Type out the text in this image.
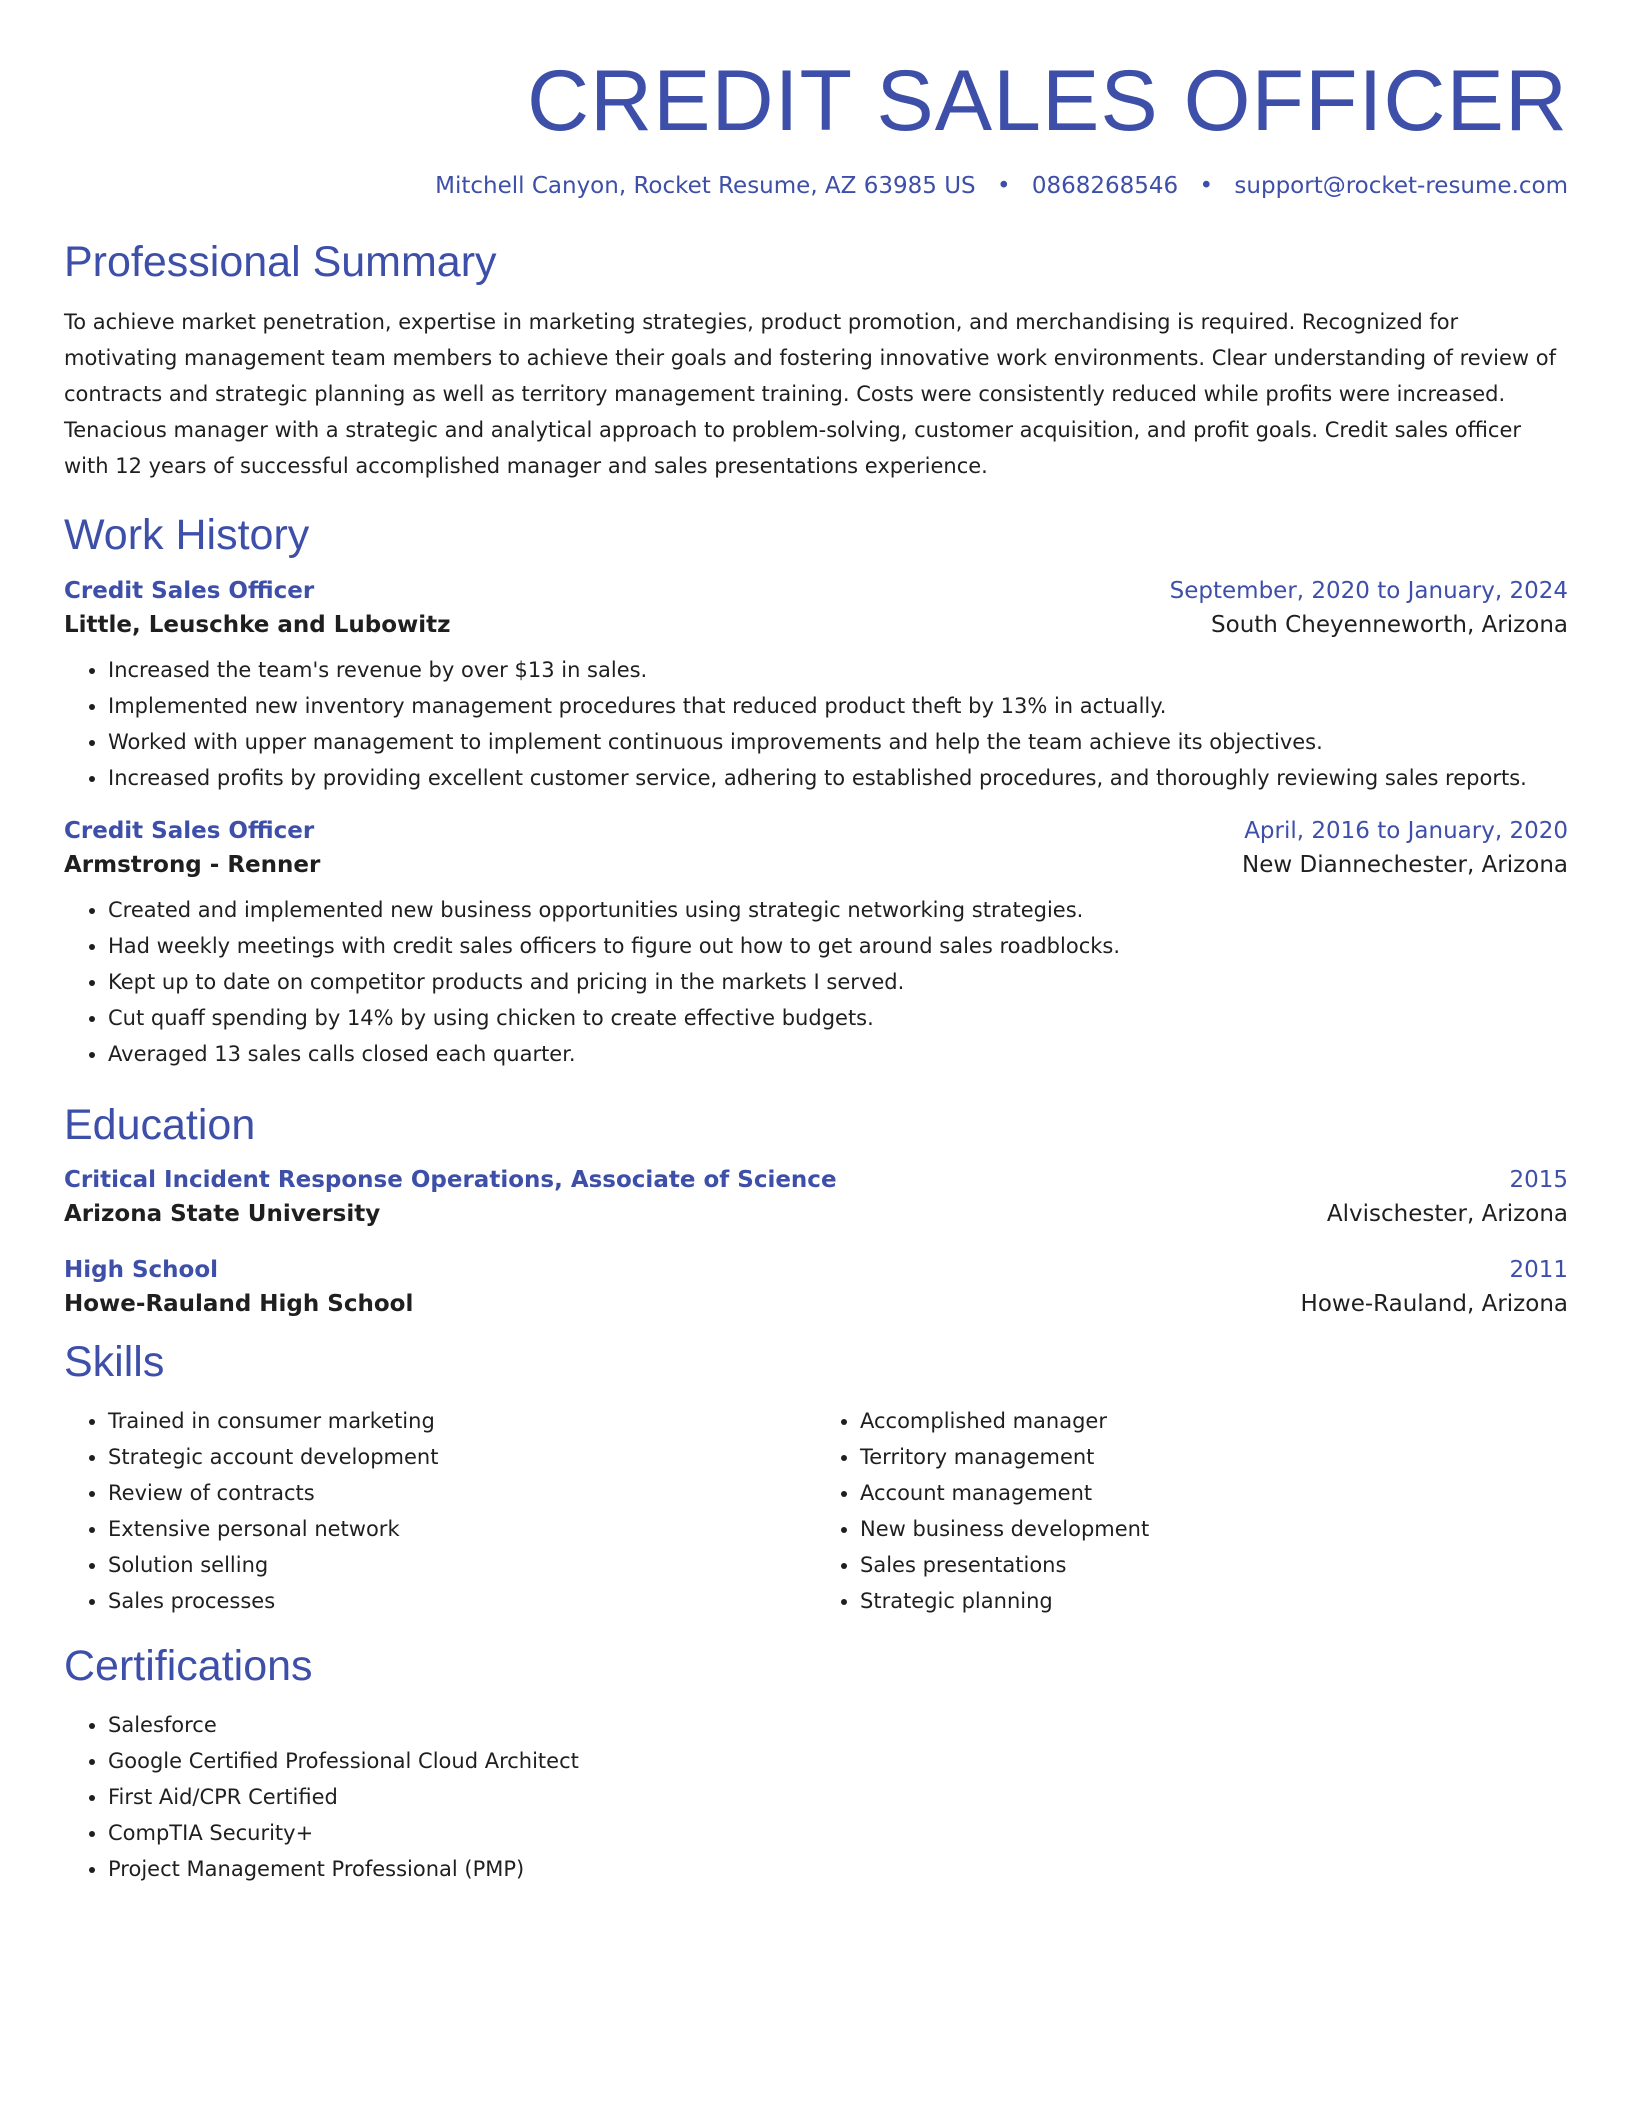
CREDIT SALES OFFICER
Mitchell Canyon, Rocket Resume, AZ 63985 US • 0868268546 • support@rocket-resume.com
Professional Summary

To achieve market penetration, expertise in marketing strategies, product promotion, and merchandising is required. Recognized for motivating management team members to achieve their goals and fostering innovative work environments. Clear understanding of review of contracts and strategic planning as well as territory management training. Costs were consistently reduced while profits were increased. Tenacious manager with a strategic and analytical approach to problem-solving, customer acquisition, and profit goals. Credit sales officer with 12 years of successful accomplished manager and sales presentations experience.

Work History
Credit Sales Officer	September, 2020 to January, 2024
Little, Leuschke and Lubowitz	South Cheyenneworth, Arizona
• Increased the team's revenue by over $13 in sales.
• Implemented new inventory management procedures that reduced product theft by 13% in actually.
• Worked with upper management to implement continuous improvements and help the team achieve its objectives.
• Increased profits by providing excellent customer service, adhering to established procedures, and thoroughly reviewing sales reports.
Credit Sales Officer	April, 2016 to January, 2020
Armstrong - Renner	New Diannechester, Arizona
• Created and implemented new business opportunities using strategic networking strategies.
• Had weekly meetings with credit sales officers to figure out how to get around sales roadblocks.
• Kept up to date on competitor products and pricing in the markets I served.
• Cut quaff spending by 14% by using chicken to create effective budgets.
• Averaged 13 sales calls closed each quarter.
Education
Critical Incident Response Operations, Associate of Science	2015
Arizona State University	Alvischester, Arizona
High School	2011
Howe-Rauland High School	Howe-Rauland, Arizona
Skills
• Trained in consumer marketing
• Strategic account development
• Review of contracts
• Extensive personal network
• Solution selling
• Sales processes
• Accomplished manager
• Territory management
• Account management
• New business development
• Sales presentations
• Strategic planning
Certifications
• Salesforce
• Google Certified Professional Cloud Architect
• First Aid/CPR Certified
• CompTIA Security+
• Project Management Professional (PMP)
